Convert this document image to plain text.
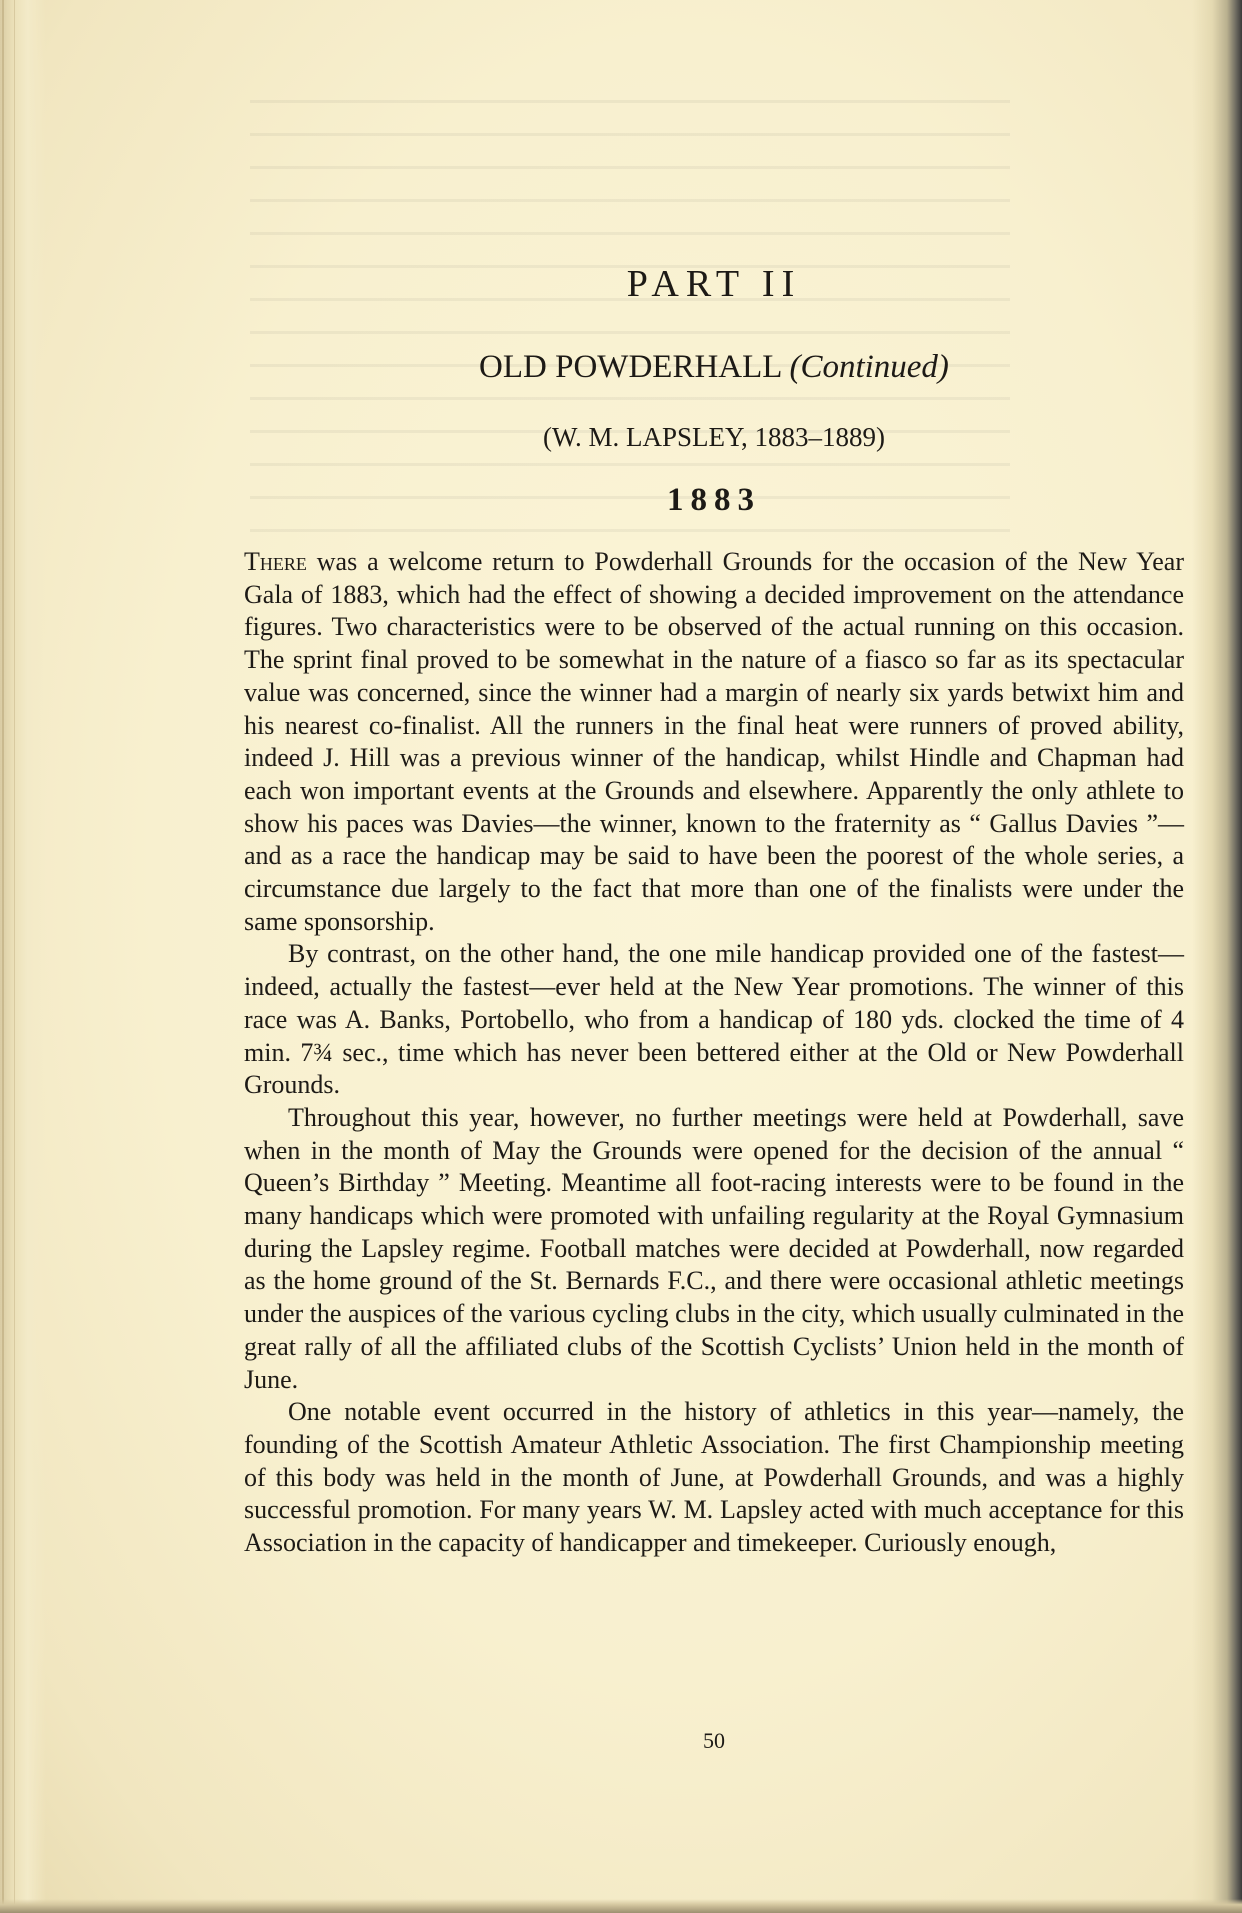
PART II
OLD POWDERHALL (Continued)
(W. M. LAPSLEY, 1883–1889)
1883

There was a welcome return to Powderhall Grounds for the occasion of the New Year Gala of 1883, which had the effect of showing a decided improvement on the attendance figures. Two characteristics were to be observed of the actual running on this occasion. The sprint final proved to be somewhat in the nature of a fiasco so far as its spectacular value was concerned, since the winner had a margin of nearly six yards betwixt him and his nearest co-finalist. All the runners in the final heat were runners of proved ability, indeed J. Hill was a previous winner of the handicap, whilst Hindle and Chapman had each won important events at the Grounds and elsewhere. Apparently the only athlete to show his paces was Davies—the winner, known to the fraternity as “ Gallus Davies ”—and as a race the handicap may be said to have been the poorest of the whole series, a circumstance due largely to the fact that more than one of the finalists were under the same sponsorship.

By contrast, on the other hand, the one mile handicap provided one of the fastest—indeed, actually the fastest—ever held at the New Year promotions. The winner of this race was A. Banks, Portobello, who from a handicap of 180 yds. clocked the time of 4 min. 7¾ sec., time which has never been bettered either at the Old or New Powderhall Grounds.

Throughout this year, however, no further meetings were held at Powderhall, save when in the month of May the Grounds were opened for the decision of the annual “ Queen’s Birthday ” Meeting. Meantime all foot-racing interests were to be found in the many handicaps which were promoted with unfailing regularity at the Royal Gymnasium during the Lapsley regime. Football matches were decided at Powderhall, now regarded as the home ground of the St. Bernards F.C., and there were occasional athletic meetings under the auspices of the various cycling clubs in the city, which usually culminated in the great rally of all the affiliated clubs of the Scottish Cyclists’ Union held in the month of June.

One notable event occurred in the history of athletics in this year—namely, the founding of the Scottish Amateur Athletic Association. The first Championship meeting of this body was held in the month of June, at Powderhall Grounds, and was a highly successful promotion. For many years W. M. Lapsley acted with much acceptance for this Association in the capacity of handicapper and timekeeper. Curiously enough,

50
